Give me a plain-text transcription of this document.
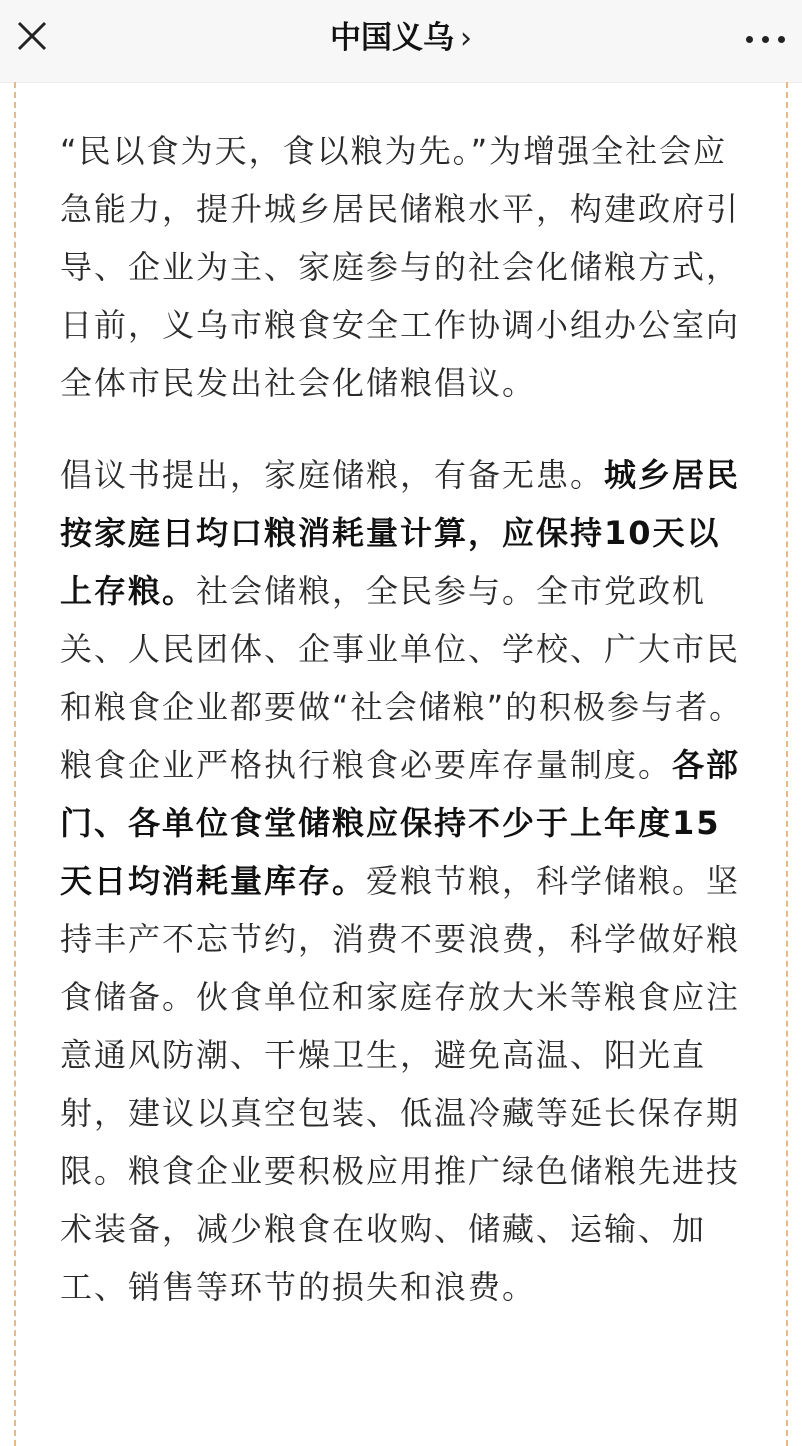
中国义乌 ›

“民以食为天，食以粮为先。”为增强全社会应急能力，提升城乡居民储粮水平，构建政府引导、企业为主、家庭参与的社会化储粮方式，日前，义乌市粮食安全工作协调小组办公室向全体市民发出社会化储粮倡议。

倡议书提出，家庭储粮，有备无患。城乡居民按家庭日均口粮消耗量计算，应保持10天以上存粮。社会储粮，全民参与。全市党政机关、人民团体、企事业单位、学校、广大市民和粮食企业都要做“社会储粮”的积极参与者。粮食企业严格执行粮食必要库存量制度。各部门、各单位食堂储粮应保持不少于上年度15天日均消耗量库存。爱粮节粮，科学储粮。坚持丰产不忘节约，消费不要浪费，科学做好粮食储备。伙食单位和家庭存放大米等粮食应注意通风防潮、干燥卫生，避免高温、阳光直射，建议以真空包装、低温冷藏等延长保存期限。粮食企业要积极应用推广绿色储粮先进技术装备，减少粮食在收购、储藏、运输、加工、销售等环节的损失和浪费。
